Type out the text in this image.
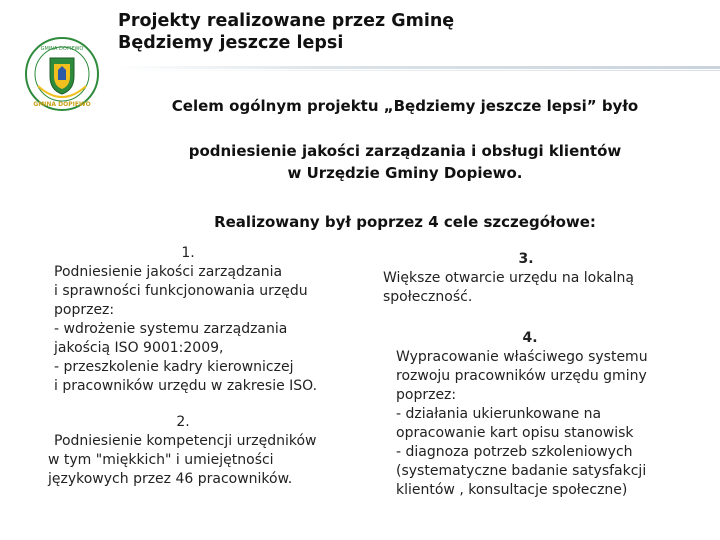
GMINA DOPIEWO
GMINA DOPIEWO
Projekty realizowane przez Gminę
Będziemy jeszcze lepsi
Celem ogólnym projektu „Będziemy jeszcze lepsi” było
podniesienie jakości zarządzania i obsługi klientów
w Urzędzie Gminy Dopiewo.
Realizowany był poprzez 4 cele szczegółowe:
1.
Podniesienie jakości zarządzania
i sprawności funkcjonowania urzędu
poprzez:
- wdrożenie systemu zarządzania
jakością ISO 9001:2009,
- przeszkolenie kadry kierowniczej
i pracowników urzędu w zakresie ISO.
2.
Podniesienie kompetencji urzędników
w tym "miękkich" i umiejętności
językowych przez 46 pracowników.
3.
Większe otwarcie urzędu na lokalną
społeczność.
4.
Wypracowanie właściwego systemu
rozwoju pracowników urzędu gminy
poprzez:
- działania ukierunkowane na
opracowanie kart opisu stanowisk
- diagnoza potrzeb szkoleniowych
(systematyczne badanie satysfakcji
klientów , konsultacje społeczne)
